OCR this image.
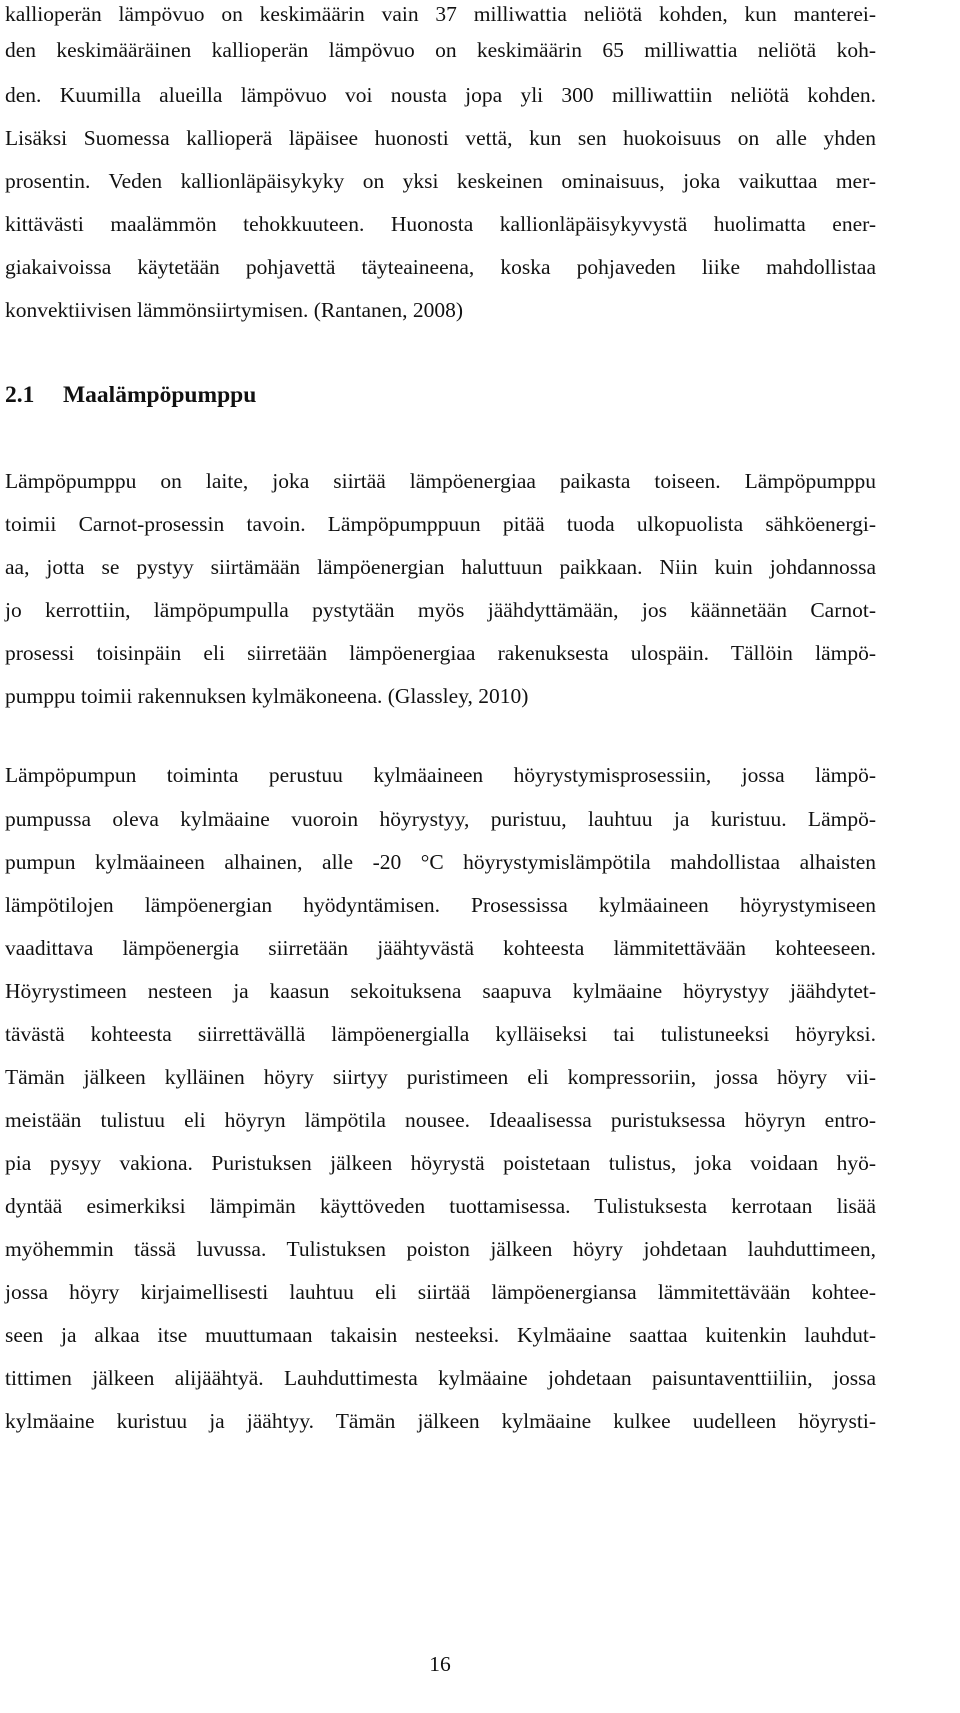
kallioperän lämpövuo on keskimäärin vain 37 milliwattia neliötä kohden, kun manterei-
den keskimääräinen kallioperän lämpövuo on keskimäärin 65 milliwattia neliötä koh-
den. Kuumilla alueilla lämpövuo voi nousta jopa yli 300 milliwattiin neliötä kohden.
Lisäksi Suomessa kallioperä läpäisee huonosti vettä, kun sen huokoisuus on alle yhden
prosentin. Veden kallionläpäisykyky on yksi keskeinen ominaisuus, joka vaikuttaa mer-
kittävästi maalämmön tehokkuuteen. Huonosta kallionläpäisykyvystä huolimatta ener-
giakaivoissa käytetään pohjavettä täyteaineena, koska pohjaveden liike mahdollistaa
konvektiivisen lämmönsiirtymisen. (Rantanen, 2008)
2.1 Maalämpöpumppu
Lämpöpumppu on laite, joka siirtää lämpöenergiaa paikasta toiseen. Lämpöpumppu
toimii Carnot-prosessin tavoin. Lämpöpumppuun pitää tuoda ulkopuolista sähköenergi-
aa, jotta se pystyy siirtämään lämpöenergian haluttuun paikkaan. Niin kuin johdannossa
jo kerrottiin, lämpöpumpulla pystytään myös jäähdyttämään, jos käännetään Carnot-
prosessi toisinpäin eli siirretään lämpöenergiaa rakenuksesta ulospäin. Tällöin lämpö-
pumppu toimii rakennuksen kylmäkoneena. (Glassley, 2010)
Lämpöpumpun toiminta perustuu kylmäaineen höyrystymisprosessiin, jossa lämpö-
pumpussa oleva kylmäaine vuoroin höyrystyy, puristuu, lauhtuu ja kuristuu. Lämpö-
pumpun kylmäaineen alhainen, alle -20 °C höyrystymislämpötila mahdollistaa alhaisten
lämpötilojen lämpöenergian hyödyntämisen. Prosessissa kylmäaineen höyrystymiseen
vaadittava lämpöenergia siirretään jäähtyvästä kohteesta lämmitettävään kohteeseen.
Höyrystimeen nesteen ja kaasun sekoituksena saapuva kylmäaine höyrystyy jäähdytet-
tävästä kohteesta siirrettävällä lämpöenergialla kylläiseksi tai tulistuneeksi höyryksi.
Tämän jälkeen kylläinen höyry siirtyy puristimeen eli kompressoriin, jossa höyry vii-
meistään tulistuu eli höyryn lämpötila nousee. Ideaalisessa puristuksessa höyryn entro-
pia pysyy vakiona. Puristuksen jälkeen höyrystä poistetaan tulistus, joka voidaan hyö-
dyntää esimerkiksi lämpimän käyttöveden tuottamisessa. Tulistuksesta kerrotaan lisää
myöhemmin tässä luvussa. Tulistuksen poiston jälkeen höyry johdetaan lauhduttimeen,
jossa höyry kirjaimellisesti lauhtuu eli siirtää lämpöenergiansa lämmitettävään kohtee-
seen ja alkaa itse muuttumaan takaisin nesteeksi. Kylmäaine saattaa kuitenkin lauhdut-
tittimen jälkeen alijäähtyä. Lauhduttimesta kylmäaine johdetaan paisuntaventtiiliin, jossa
kylmäaine kuristuu ja jäähtyy. Tämän jälkeen kylmäaine kulkee uudelleen höyrysti-
16
